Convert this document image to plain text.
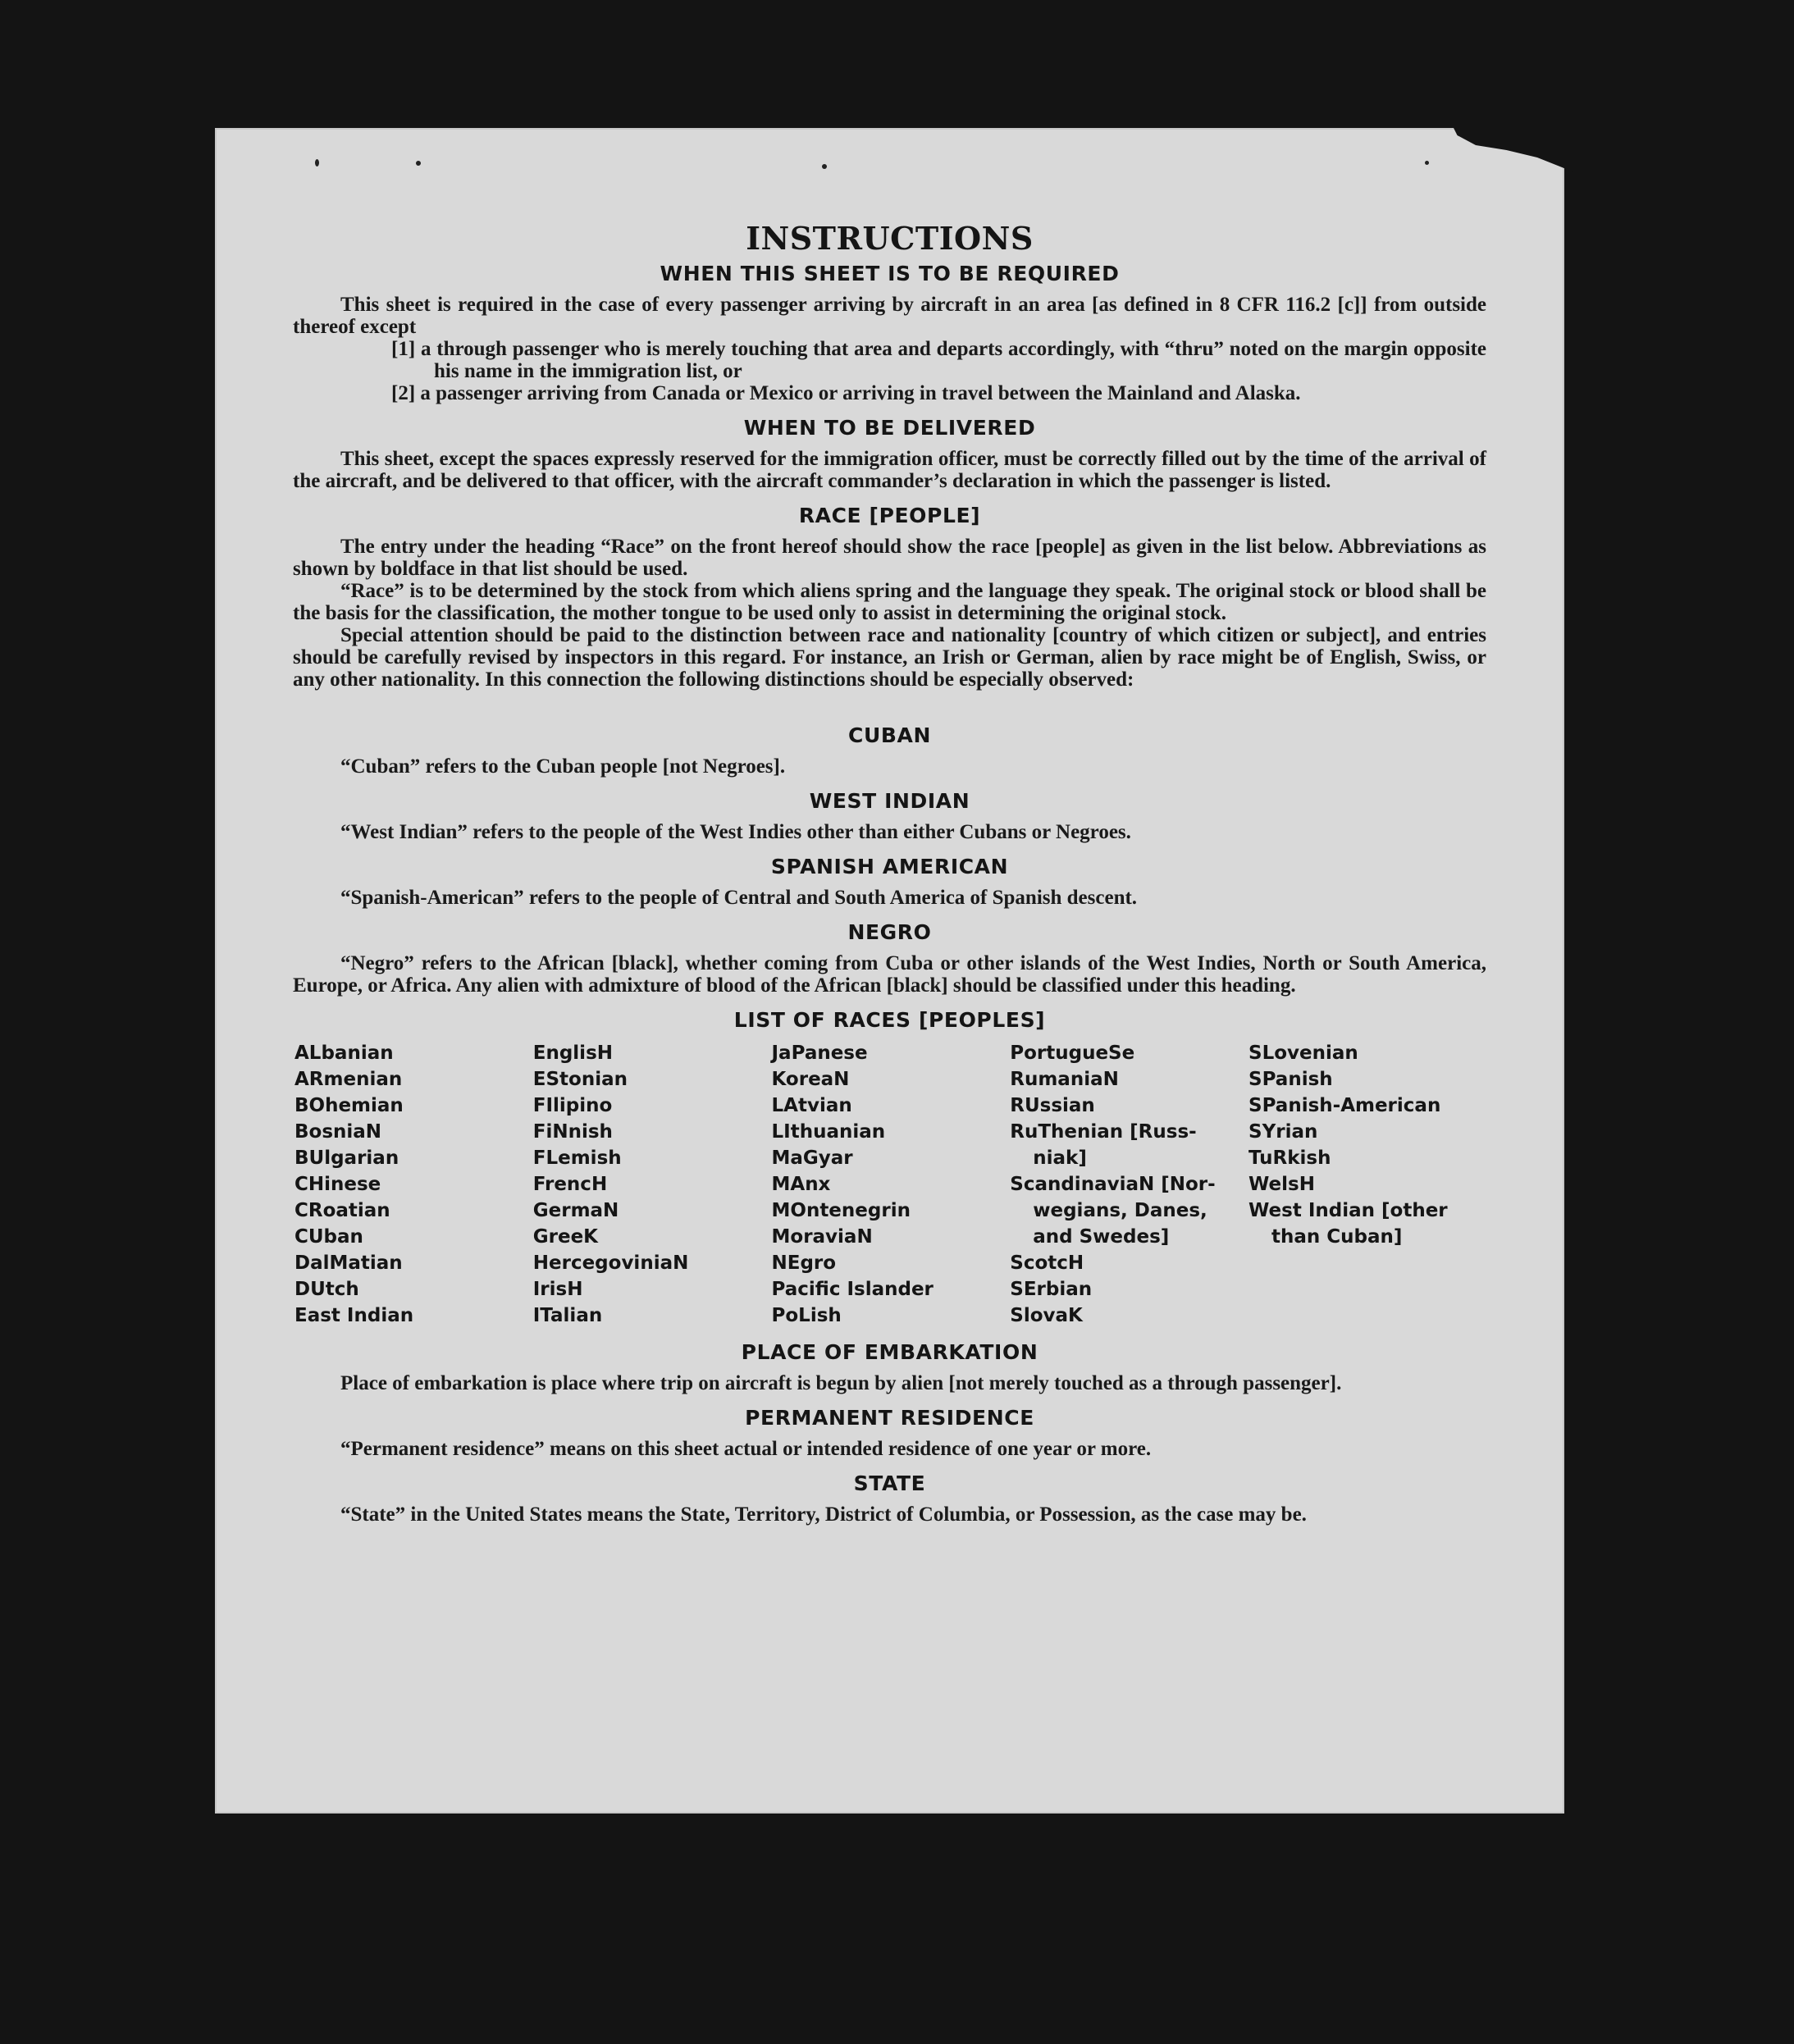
INSTRUCTIONS
WHEN THIS SHEET IS TO BE REQUIRED

This sheet is required in the case of every passenger arriving by aircraft in an area [as defined in 8 CFR 116.2 [c]] from outside thereof except

[1] a through passenger who is merely touching that area and departs accordingly, with “thru” noted on the margin opposite his name in the immigration list, or

[2] a passenger arriving from Canada or Mexico or arriving in travel between the Mainland and Alaska.

WHEN TO BE DELIVERED

This sheet, except the spaces expressly reserved for the immigration officer, must be correctly filled out by the time of the arrival of the aircraft, and be delivered to that officer, with the aircraft commander’s declaration in which the passenger is listed.

RACE [PEOPLE]

The entry under the heading “Race” on the front hereof should show the race [people] as given in the list below. Abbreviations as shown by boldface in that list should be used.

“Race” is to be determined by the stock from which aliens spring and the language they speak. The original stock or blood shall be the basis for the classification, the mother tongue to be used only to assist in determining the original stock.

Special attention should be paid to the distinction between race and nationality [country of which citizen or subject], and entries should be carefully revised by inspectors in this regard. For instance, an Irish or German, alien by race might be of English, Swiss, or any other nationality. In this connection the following distinctions should be especially observed:

CUBAN

“Cuban” refers to the Cuban people [not Negroes].

WEST INDIAN

“West Indian” refers to the people of the West Indies other than either Cubans or Negroes.

SPANISH AMERICAN

“Spanish-American” refers to the people of Central and South America of Spanish descent.

NEGRO

“Negro” refers to the African [black], whether coming from Cuba or other islands of the West Indies, North or South America, Europe, or Africa. Any alien with admixture of blood of the African [black] should be classified under this heading.

LIST OF RACES [PEOPLES]
ALbanian
ARmenian
BOhemian
BosniaN
BUlgarian
CHinese
CRoatian
CUban
DalMatian
DUtch
East Indian
EnglisH
EStonian
FIlipino
FiNnish
FLemish
FrencH
GermaN
GreeK
HercegoviniaN
IrisH
ITalian
JaPanese
KoreaN
LAtvian
LIthuanian
MaGyar
MAnx
MOntenegrin
MoraviaN
NEgro
Pacific Islander
PoLish
PortugueSe
RumaniaN
RUssian
RuThenian [Russ-
niak]
ScandinaviaN [Nor-
wegians, Danes,
and Swedes]
ScotcH
SErbian
SlovaK
SLovenian
SPanish
SPanish-American
SYrian
TuRkish
WelsH
West Indian [other
than Cuban]
PLACE OF EMBARKATION

Place of embarkation is place where trip on aircraft is begun by alien [not merely touched as a through passenger].

PERMANENT RESIDENCE

“Permanent residence” means on this sheet actual or intended residence of one year or more.

STATE

“State” in the United States means the State, Territory, District of Columbia, or Possession, as the case may be.
